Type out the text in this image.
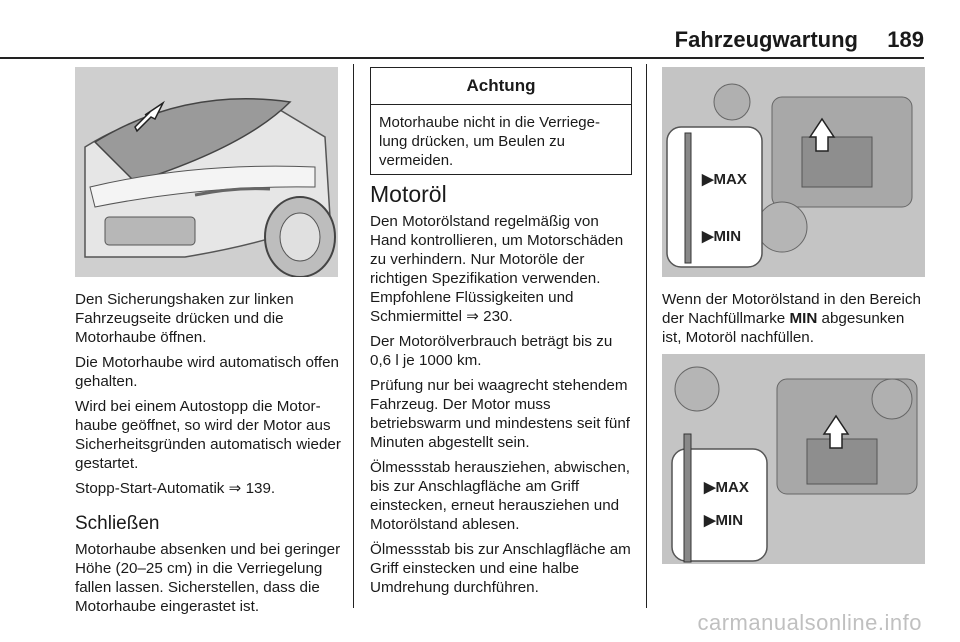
Fahrzeugwartung 189

Den Sicherungshaken zur linken Fahrzeugseite drücken und die Motorhaube öffnen.

Die Motorhaube wird automatisch offen gehalten.

Wird bei einem Autostopp die Motorhaube geöffnet, so wird der Motor aus Sicherheitsgründen automatisch wieder gestartet.

Stopp-Start-Automatik ⇒ 139.

Schließen

Motorhaube absenken und bei geringer Höhe (20–25 cm) in die Verriegelung fallen lassen. Sicherstellen, dass die Motorhaube eingerastet ist.

Achtung
Motorhaube nicht in die Verriegelung drücken, um Beulen zu vermeiden.
Motoröl

Den Motorölstand regelmäßig von Hand kontrollieren, um Motorschäden zu verhindern. Nur Motoröle der richtigen Spezifikation verwenden. Empfohlene Flüssigkeiten und Schmiermittel ⇒ 230.

Der Motorölverbrauch beträgt bis zu 0,6 l je 1000 km.

Prüfung nur bei waagrecht stehendem Fahrzeug. Der Motor muss betriebswarm und mindestens seit fünf Minuten abgestellt sein.

Ölmessstab herausziehen, abwischen, bis zur Anschlagfläche am Griff einstecken, erneut herausziehen und Motorölstand ablesen.

Ölmessstab bis zur Anschlagfläche am Griff einstecken und eine halbe Umdrehung durchführen.

▶MAX
▶MIN

Wenn der Motorölstand in den Bereich der Nachfüllmarke MIN abgesunken ist, Motoröl nachfüllen.

▶MAX
▶MIN
carmanualsonline.info
